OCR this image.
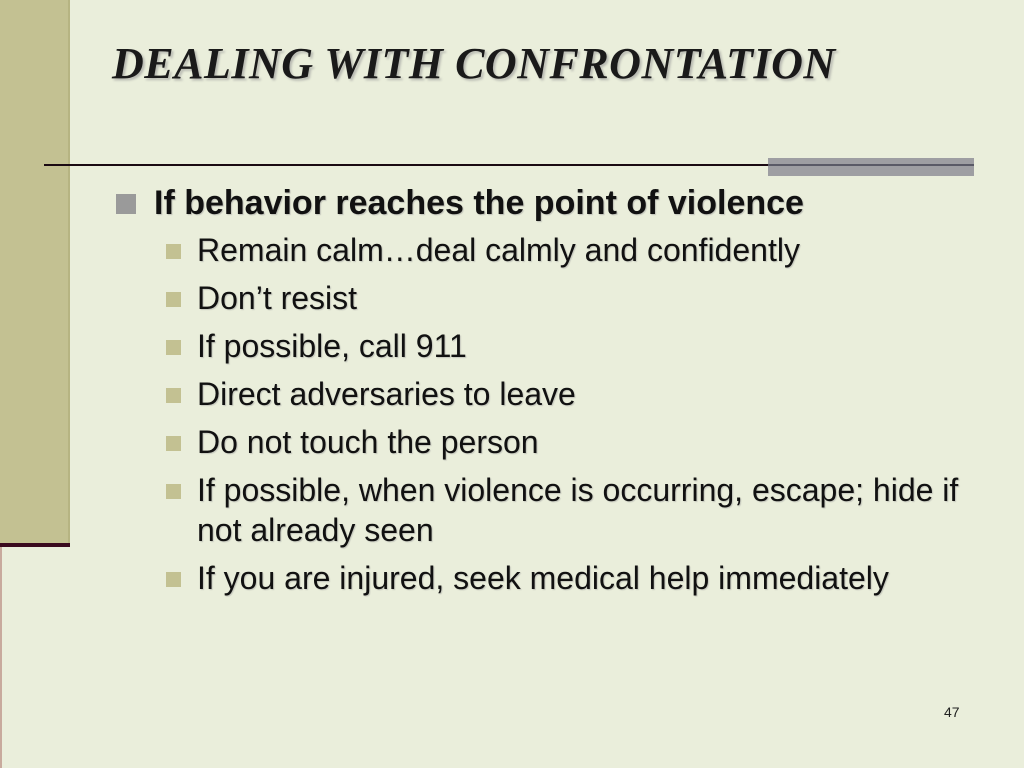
DEALING WITH CONFRONTATION
If behavior reaches the point of violence
Remain calm…deal calmly and confidently
Don’t resist
If possible, call 911
Direct adversaries to leave
Do not touch the person
If possible, when violence is occurring, escape; hide if not already seen
If you are injured, seek medical help immediately
47
